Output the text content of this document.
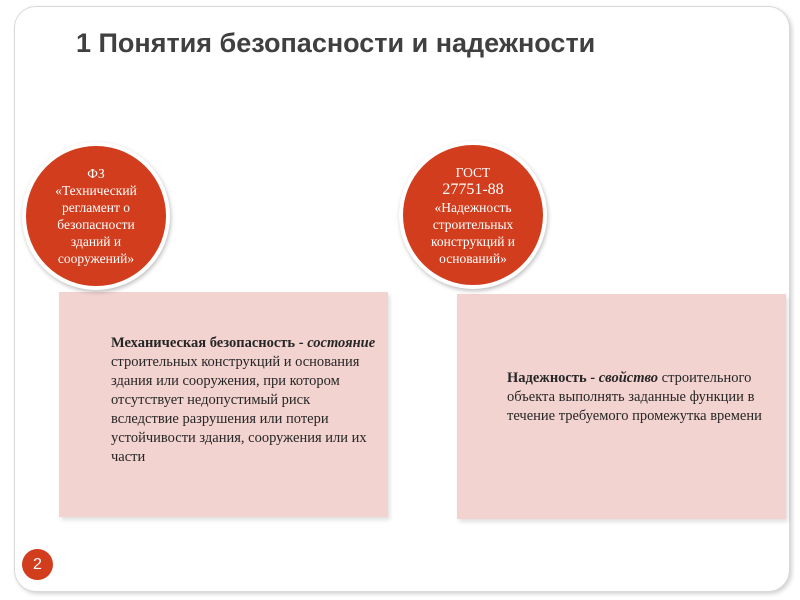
1 Понятия безопасности и надежности
Механическая безопасность - состояние строительных конструкций и основания здания или сооружения, при котором отсутствует недопустимый риск вследствие разрушения или потери устойчивости здания, сооружения или их части
Надежность - свойство строительного объекта выполнять заданные функции в течение требуемого промежутка времени
ФЗ
«Технический
регламент о
безопасности
зданий и
сооружений»
ГОСТ
27751-88
«Надежность
строительных
конструкций и
оснований»
2
